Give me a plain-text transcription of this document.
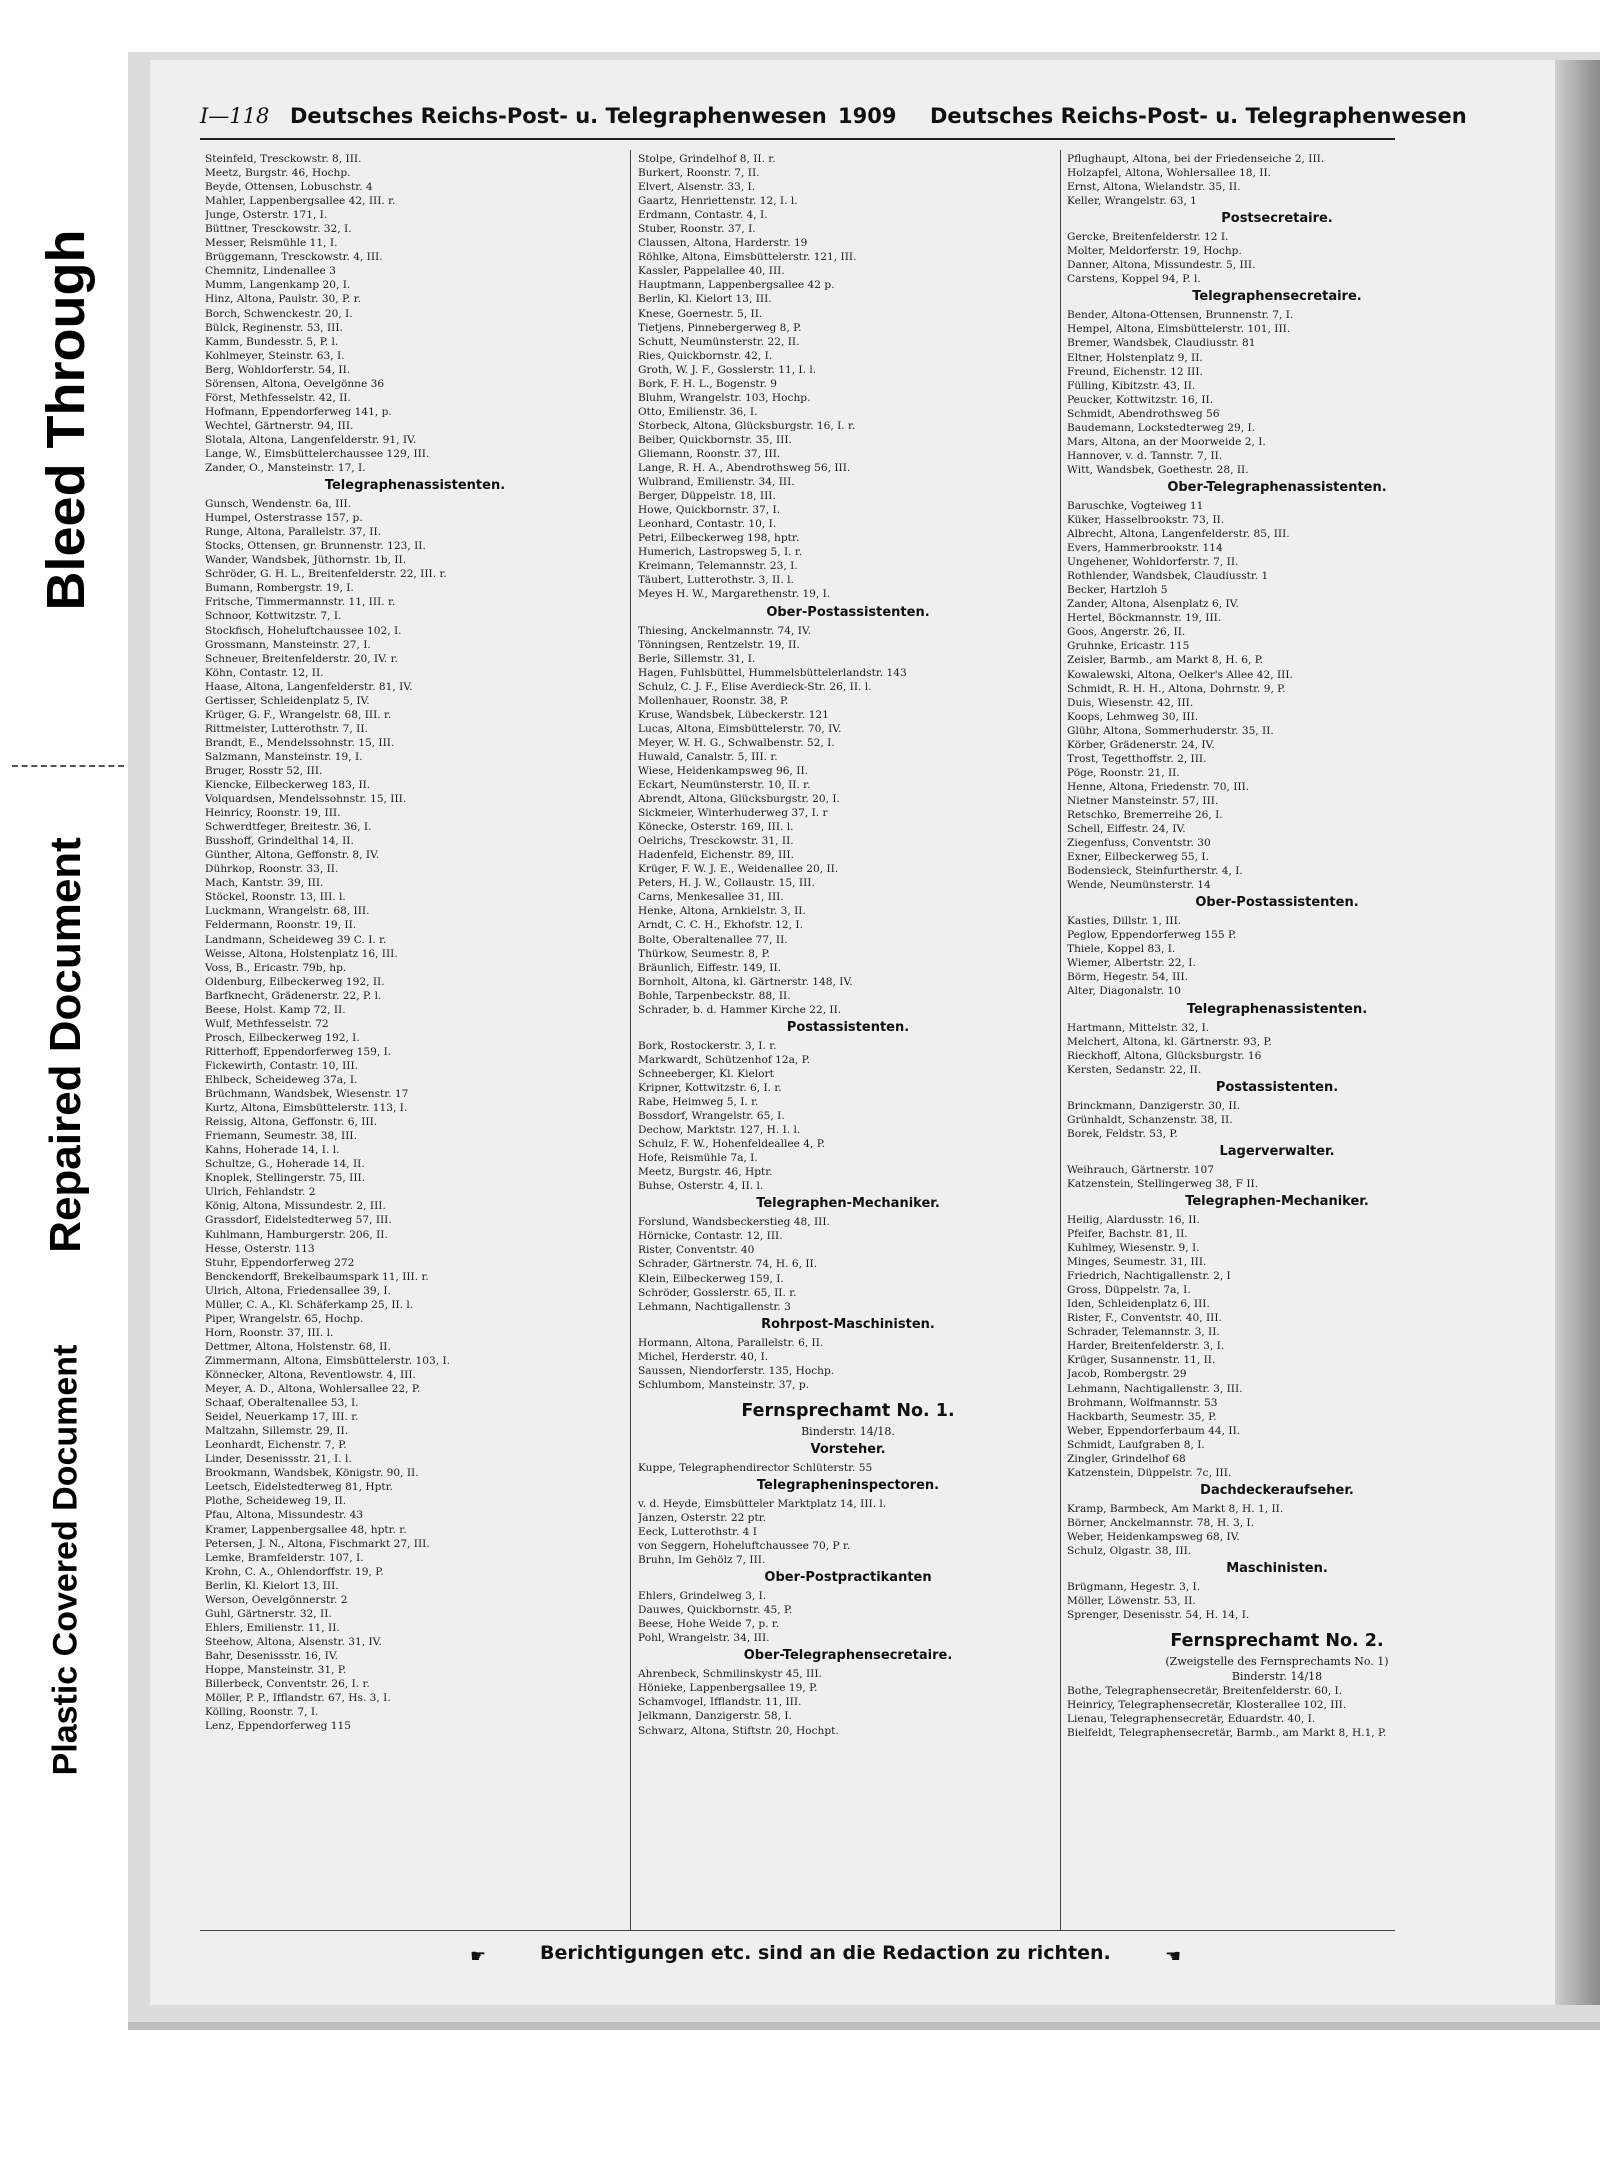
Bleed Through
Repaired Document
Plastic Covered Document
I—118 Deutsches Reichs-Post- u. Telegraphenwesen 1909 Deutsches Reichs-Post- u. Telegraphenwesen
Steinfeld, Tresckowstr. 8, III.
Meetz, Burgstr. 46, Hochp.
Beyde, Ottensen, Lobuschstr. 4
Mahler, Lappenbergsallee 42, III. r.
Junge, Osterstr. 171, I.
Büttner, Tresckowstr. 32, I.
Messer, Reismühle 11, I.
Brüggemann, Tresckowstr. 4, III.
Chemnitz, Lindenallee 3
Mumm, Langenkamp 20, I.
Hinz, Altona, Paulstr. 30, P. r.
Borch, Schwenckestr. 20, I.
Bülck, Reginenstr. 53, III.
Kamm, Bundesstr. 5, P. l.
Kohlmeyer, Steinstr. 63, I.
Berg, Wohldorferstr. 54, II.
Sörensen, Altona, Oevelgönne 36
Först, Methfesselstr. 42, II.
Hofmann, Eppendorferweg 141, p.
Wechtel, Gärtnerstr. 94, III.
Slotala, Altona, Langenfelderstr. 91, IV.
Lange, W., Eimsbüttelerchaussee 129, III.
Zander, O., Mansteinstr. 17, I.
Telegraphenassistenten.
Gunsch, Wendenstr. 6a, III.
Humpel, Osterstrasse 157, p.
Runge, Altona, Parallelstr. 37, II.
Stocks, Ottensen, gr. Brunnenstr. 123, II.
Wander, Wandsbek, Jüthornstr. 1b, II.
Schröder, G. H. L., Breitenfelderstr. 22, III. r.
Bumann, Rombergstr. 19, I.
Fritsche, Timmermannstr. 11, III. r.
Schnoor, Kottwitzstr. 7, I.
Stockfisch, Hoheluftchaussee 102, I.
Grossmann, Mansteinstr. 27, I.
Schneuer, Breitenfelderstr. 20, IV. r.
Köhn, Contastr. 12, II.
Haase, Altona, Langenfelderstr. 81, IV.
Gertisser, Schleidenplatz 5, IV.
Krüger, G. F., Wrangelstr. 68, III. r.
Rittmeister, Lutterothstr. 7, II.
Brandt, E., Mendelssohnstr. 15, III.
Salzmann, Mansteinstr. 19, I.
Bruger, Rosstr 52, III.
Kiencke, Eilbeckerweg 183, II.
Volquardsen, Mendelssohnstr. 15, III.
Heinricy, Roonstr. 19, III.
Schwerdtfeger, Breitestr. 36, I.
Busshoff, Grindelthal 14, II.
Günther, Altona, Geffonstr. 8, IV.
Dührkop, Roonstr. 33, II.
Mach, Kantstr. 39, III.
Stöckel, Roonstr. 13, III. l.
Luckmann, Wrangelstr. 68, III.
Feldermann, Roonstr. 19, II.
Landmann, Scheideweg 39 C. I. r.
Weisse, Altona, Holstenplatz 16, III.
Voss, B., Ericastr. 79b, hp.
Oldenburg, Eilbeckerweg 192, II.
Barfknecht, Grädenerstr. 22, P. l.
Beese, Holst. Kamp 72, II.
Wulf, Methfesselstr. 72
Prosch, Eilbeckerweg 192, I.
Ritterhoff, Eppendorferweg 159, I.
Fickewirth, Contastr. 10, III.
Ehlbeck, Scheideweg 37a, I.
Brüchmann, Wandsbek, Wiesenstr. 17
Kurtz, Altona, Eimsbüttelerstr. 113, I.
Reissig, Altona, Geffonstr. 6, III.
Friemann, Seumestr. 38, III.
Kahns, Hoherade 14, I. l.
Schultze, G., Hoherade 14, II.
Knoplek, Stellingerstr. 75, III.
Ulrich, Fehlandstr. 2
König, Altona, Missundestr. 2, III.
Grassdorf, Eidelstedterweg 57, III.
Kuhlmann, Hamburgerstr. 206, II.
Hesse, Osterstr. 113
Stuhr, Eppendorferweg 272
Benckendorff, Brekelbaumspark 11, III. r.
Ulrich, Altona, Friedensallee 39, I.
Müller, C. A., Kl. Schäferkamp 25, II. l.
Piper, Wrangelstr. 65, Hochp.
Horn, Roonstr. 37, III. l.
Dettmer, Altona, Holstenstr. 68, II.
Zimmermann, Altona, Eimsbüttelerstr. 103, I.
Könnecker, Altona, Reventlowstr. 4, III.
Meyer, A. D., Altona, Wohlersallee 22, P.
Schaaf, Oberaltenallee 53, I.
Seidel, Neuerkamp 17, III. r.
Maltzahn, Sillemstr. 29, II.
Leonhardt, Eichenstr. 7, P.
Linder, Desenissstr. 21, I. l.
Brookmann, Wandsbek, Königstr. 90, II.
Leetsch, Eidelstedterweg 81, Hptr.
Plothe, Scheideweg 19, II.
Pfau, Altona, Missundestr. 43
Kramer, Lappenbergsallee 48, hptr. r.
Petersen, J. N., Altona, Fischmarkt 27, III.
Lemke, Bramfelderstr. 107, I.
Krohn, C. A., Ohlendorffstr. 19, P.
Berlin, Kl. Kielort 13, III.
Werson, Oevelgönnerstr. 2
Guhl, Gärtnerstr. 32, II.
Ehlers, Emilienstr. 11, II.
Steehow, Altona, Alsenstr. 31, IV.
Bahr, Desenissstr. 16, IV.
Hoppe, Mansteinstr. 31, P.
Billerbeck, Conventstr. 26, I. r.
Möller, P. P., Ifflandstr. 67, Hs. 3, I.
Kölling, Roonstr. 7, I.
Lenz, Eppendorferweg 115
Stolpe, Grindelhof 8, II. r.
Burkert, Roonstr. 7, II.
Elvert, Alsenstr. 33, I.
Gaartz, Henriettenstr. 12, I. l.
Erdmann, Contastr. 4, I.
Stuber, Roonstr. 37, I.
Claussen, Altona, Harderstr. 19
Röhlke, Altona, Eimsbüttelerstr. 121, III.
Kassler, Pappelallee 40, III.
Hauptmann, Lappenbergsallee 42 p.
Berlin, Kl. Kielort 13, III.
Knese, Goernestr. 5, II.
Tietjens, Pinnebergerweg 8, P.
Schutt, Neumünsterstr. 22, II.
Ries, Quickbornstr. 42, I.
Groth, W. J. F., Gosslerstr. 11, I. l.
Bork, F. H. L., Bogenstr. 9
Bluhm, Wrangelstr. 103, Hochp.
Otto, Emilienstr. 36, I.
Storbeck, Altona, Glücksburgstr. 16, I. r.
Beiber, Quickbornstr. 35, III.
Gliemann, Roonstr. 37, III.
Lange, R. H. A., Abendrothsweg 56, III.
Wulbrand, Emilienstr. 34, III.
Berger, Düppelstr. 18, III.
Howe, Quickbornstr. 37, I.
Leonhard, Contastr. 10, I.
Petri, Eilbeckerweg 198, hptr.
Humerich, Lastropsweg 5, I. r.
Kreimann, Telemannstr. 23, I.
Täubert, Lutterothstr. 3, II. l.
Meyes H. W., Margarethenstr. 19, I.
Ober-Postassistenten.
Thiesing, Anckelmannstr. 74, IV.
Tönningsen, Rentzelstr. 19, II.
Berle, Sillemstr. 31, I.
Hagen, Fuhlsbüttel, Hummelsbüttelerlandstr. 143
Schulz, C. J. F., Elise Averdieck-Str. 26, II. l.
Mollenhauer, Roonstr. 38, P.
Kruse, Wandsbek, Lübeckerstr. 121
Lucas, Altona, Eimsbüttelerstr. 70, IV.
Meyer, W. H. G., Schwalbenstr. 52, I.
Huwald, Canalstr. 5, III. r.
Wiese, Heidenkampsweg 96, II.
Eckart, Neumünsterstr. 10, II. r.
Abrendt, Altona, Glücksburgstr. 20, I.
Sickmeier, Winterhuderweg 37, I. r
Könecke, Osterstr. 169, III. l.
Oelrichs, Tresckowstr. 31, II.
Hadenfeld, Eichenstr. 89, III.
Krüger, F. W. J. E., Weidenallee 20, II.
Peters, H. J. W., Collaustr. 15, III.
Carns, Menkesallee 31, III.
Henke, Altona, Arnkielstr. 3, II.
Arndt, C. C. H., Ekhofstr. 12, I.
Bolte, Oberaltenallee 77, II.
Thürkow, Seumestr. 8, P.
Bräunlich, Eiffestr. 149, II.
Bornholt, Altona, kl. Gärtnerstr. 148, IV.
Bohle, Tarpenbeckstr. 88, II.
Schrader, b. d. Hammer Kirche 22, II.
Postassistenten.
Bork, Rostockerstr. 3, I. r.
Markwardt, Schützenhof 12a, P.
Schneeberger, Kl. Kielort
Kripner, Kottwitzstr. 6, I. r.
Rabe, Heimweg 5, I. r.
Bossdorf, Wrangelstr. 65, I.
Dechow, Marktstr. 127, H. I. l.
Schulz, F. W., Hohenfeldeallee 4, P.
Hofe, Reismühle 7a, I.
Meetz, Burgstr. 46, Hptr.
Buhse, Osterstr. 4, II. l.
Telegraphen-Mechaniker.
Forslund, Wandsbeckerstieg 48, III.
Hörnicke, Contastr. 12, III.
Rister, Conventstr. 40
Schrader, Gärtnerstr. 74, H. 6, II.
Klein, Eilbeckerweg 159, I.
Schröder, Gosslerstr. 65, II. r.
Lehmann, Nachtigallenstr. 3
Rohrpost-Maschinisten.
Hormann, Altona, Parallelstr. 6, II.
Michel, Herderstr. 40, I.
Saussen, Niendorferstr. 135, Hochp.
Schlumbom, Mansteinstr. 37, p.
Fernsprechamt No. 1.
Binderstr. 14/18.
Vorsteher.
Kuppe, Telegraphendirector Schlüterstr. 55
Telegrapheninspectoren.
v. d. Heyde, Eimsbütteler Marktplatz 14, III. l.
Janzen, Osterstr. 22 ptr.
Eeck, Lutterothstr. 4 I
von Seggern, Hoheluftchaussee 70, P r.
Bruhn, Im Gehölz 7, III.
Ober-Postpractikanten
Ehlers, Grindelweg 3, I.
Dauwes, Quickbornstr. 45, P.
Beese, Hohe Weide 7, p. r.
Pohl, Wrangelstr. 34, III.
Ober-Telegraphensecretaire.
Ahrenbeck, Schmilinskystr 45, III.
Hönieke, Lappenbergsallee 19, P.
Schamvogel, Ifflandstr. 11, III.
Jelkmann, Danzigerstr. 58, I.
Schwarz, Altona, Stiftstr. 20, Hochpt.
Pflughaupt, Altona, bei der Friedenseiche 2, III.
Holzapfel, Altona, Wohlersallee 18, II.
Ernst, Altona, Wielandstr. 35, II.
Keller, Wrangelstr. 63, 1
Postsecretaire.
Gercke, Breitenfelderstr. 12 I.
Molter, Meldorferstr. 19, Hochp.
Danner, Altona, Missundestr. 5, III.
Carstens, Koppel 94, P. l.
Telegraphensecretaire.
Bender, Altona-Ottensen, Brunnenstr. 7, I.
Hempel, Altona, Eimsbüttelerstr. 101, III.
Bremer, Wandsbek, Claudiusstr. 81
Eltner, Holstenplatz 9, II.
Freund, Eichenstr. 12 III.
Fülling, Kibitzstr. 43, II.
Peucker, Kottwitzstr. 16, II.
Schmidt, Abendrothsweg 56
Baudemann, Lockstedterweg 29, I.
Mars, Altona, an der Moorweide 2, I.
Hannover, v. d. Tannstr. 7, II.
Witt, Wandsbek, Goethestr. 28, II.
Ober-Telegraphenassistenten.
Baruschke, Vogteiweg 11
Küker, Hasselbrookstr. 73, II.
Albrecht, Altona, Langenfelderstr. 85, III.
Evers, Hammerbrookstr. 114
Ungehener, Wohldorferstr. 7, II.
Rothlender, Wandsbek, Claudiusstr. 1
Becker, Hartzloh 5
Zander, Altona, Alsenplatz 6, IV.
Hertel, Böckmannstr. 19, III.
Goos, Angerstr. 26, II.
Gruhnke, Ericastr. 115
Zeisler, Barmb., am Markt 8, H. 6, P.
Kowalewski, Altona, Oelker's Allee 42, III.
Schmidt, R. H. H., Altona, Dohrnstr. 9, P.
Duis, Wiesenstr. 42, III.
Koops, Lehmweg 30, III.
Glühr, Altona, Sommerhuderstr. 35, II.
Körber, Grädenerstr. 24, IV.
Trost, Tegetthoffstr. 2, III.
Pöge, Roonstr. 21, II.
Henne, Altona, Friedenstr. 70, III.
Nietner Mansteinstr. 57, III.
Retschko, Bremerreihe 26, I.
Schell, Eiffestr. 24, IV.
Ziegenfuss, Conventstr. 30
Exner, Eilbeckerweg 55, I.
Bodensieck, Steinfurtherstr. 4, I.
Wende, Neumünsterstr. 14
Ober-Postassistenten.
Kasties, Dillstr. 1, III.
Peglow, Eppendorferweg 155 P.
Thiele, Koppel 83, I.
Wiemer, Albertstr. 22, I.
Börm, Hegestr. 54, III.
Alter, Diagonalstr. 10
Telegraphenassistenten.
Hartmann, Mittelstr. 32, I.
Melchert, Altona, kl. Gärtnerstr. 93, P.
Rieckhoff, Altona, Glücksburgstr. 16
Kersten, Sedanstr. 22, II.
Postassistenten.
Brinckmann, Danzigerstr. 30, II.
Grünhaldt, Schanzenstr. 38, II.
Borek, Feldstr. 53, P.
Lagerverwalter.
Weihrauch, Gärtnerstr. 107
Katzenstein, Stellingerweg 38, F II.
Telegraphen-Mechaniker.
Heilig, Alardusstr. 16, II.
Pfeifer, Bachstr. 81, II.
Kuhlmey, Wiesenstr. 9, I.
Minges, Seumestr. 31, III.
Friedrich, Nachtigallenstr. 2, I
Gross, Düppelstr. 7a, I.
Iden, Schleidenplatz 6, III.
Rister, F., Conventstr. 40, III.
Schrader, Telemannstr. 3, II.
Harder, Breitenfelderstr. 3, I.
Krüger, Susannenstr. 11, II.
Jacob, Rombergstr. 29
Lehmann, Nachtigallenstr. 3, III.
Brohmann, Wolfmannstr. 53
Hackbarth, Seumestr. 35, P.
Weber, Eppendorferbaum 44, II.
Schmidt, Laufgraben 8, I.
Zingler, Grindelhof 68
Katzenstein, Düppelstr. 7c, III.
Dachdeckeraufseher.
Kramp, Barmbeck, Am Markt 8, H. 1, II.
Börner, Anckelmannstr. 78, H. 3, I.
Weber, Heidenkampsweg 68, IV.
Schulz, Olgastr. 38, III.
Maschinisten.
Brügmann, Hegestr. 3, I.
Möller, Löwenstr. 53, II.
Sprenger, Desenisstr. 54, H. 14, I.
Fernsprechamt No. 2.
(Zweigstelle des Fernsprechamts No. 1)
Binderstr. 14/18
Bothe, Telegraphensecretär, Breitenfelderstr. 60, I.
Heinricy, Telegraphensecretär, Klosterallee 102, III.
Lienau, Telegraphensecretär, Eduardstr. 40, I.
Bielfeldt, Telegraphensecretär, Barmb., am Markt 8, H.1, P.
☛	Berichtigungen etc. sind an die Redaction zu richten.	☚
